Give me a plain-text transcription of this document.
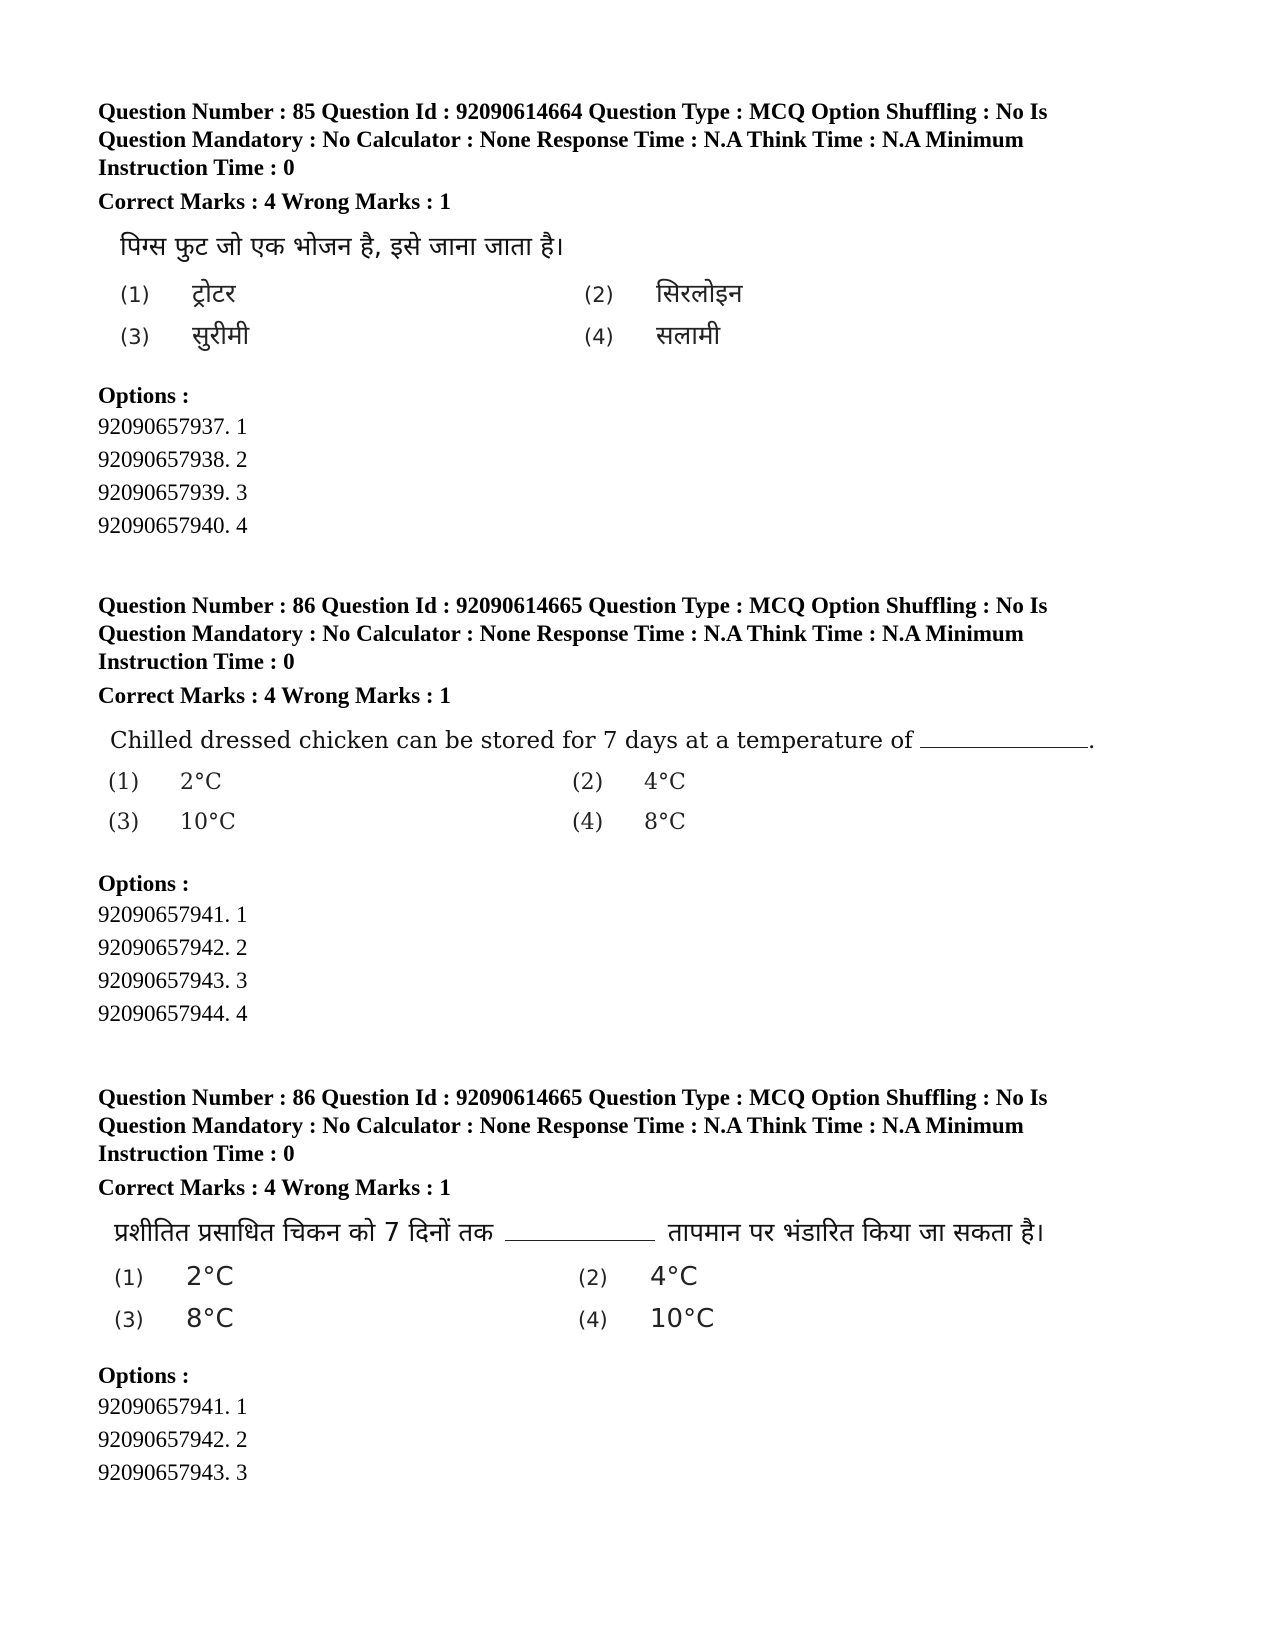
Question Number : 85 Question Id : 92090614664 Question Type : MCQ Option Shuffling : No Is
Question Mandatory : No Calculator : None Response Time : N.A Think Time : N.A Minimum
Instruction Time : 0
Correct Marks : 4 Wrong Marks : 1
पिग्स फुट जो एक भोजन है, इसे जाना जाता है।
(1)	ट्रोटर	(2)	सिरलोइन
(3)	सुरीमी	(4)	सलामी
Options :
92090657937. 1
92090657938. 2
92090657939. 3
92090657940. 4
Question Number : 86 Question Id : 92090614665 Question Type : MCQ Option Shuffling : No Is
Question Mandatory : No Calculator : None Response Time : N.A Think Time : N.A Minimum
Instruction Time : 0
Correct Marks : 4 Wrong Marks : 1
Chilled dressed chicken can be stored for 7 days at a temperature of	.
(1)	2°C	(2)	4°C
(3)	10°C	(4)	8°C
Options :
92090657941. 1
92090657942. 2
92090657943. 3
92090657944. 4
Question Number : 86 Question Id : 92090614665 Question Type : MCQ Option Shuffling : No Is
Question Mandatory : No Calculator : None Response Time : N.A Think Time : N.A Minimum
Instruction Time : 0
Correct Marks : 4 Wrong Marks : 1
प्रशीतित प्रसाधित चिकन को 7 दिनों तक	तापमान पर भंडारित किया जा सकता है।
(1)	2°C	(2)	4°C
(3)	8°C	(4)	10°C
Options :
92090657941. 1
92090657942. 2
92090657943. 3
